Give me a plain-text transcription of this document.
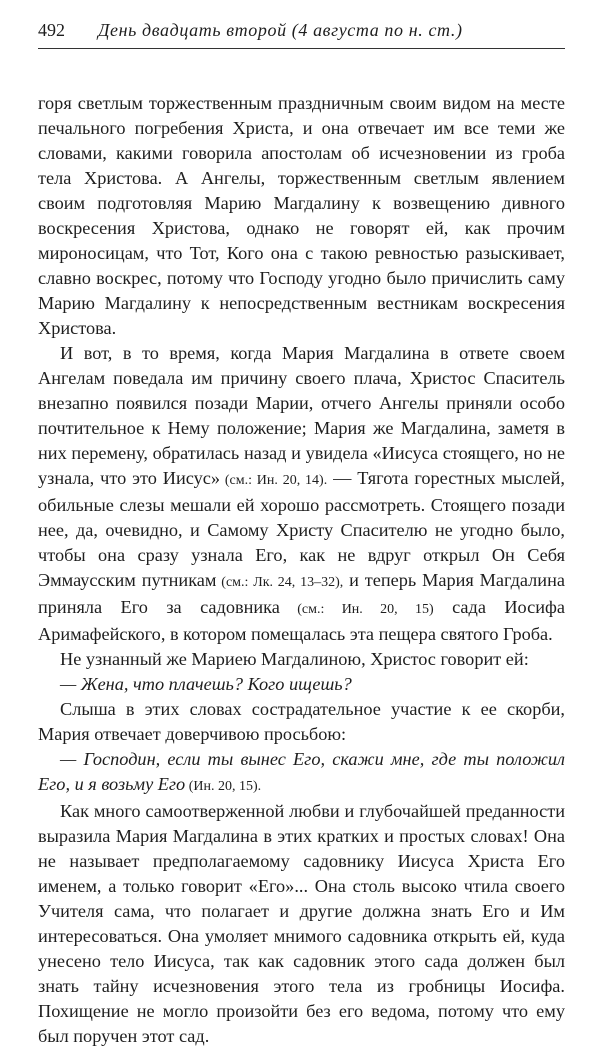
492	День двадцать второй (4 августа по н. ст.)

горя светлым торжественным праздничным своим видом на месте печального погребения Христа, и она отвечает им все теми же словами, какими говорила апостолам об исчезновении из гроба тела Христова. А Ангелы, торжественным светлым явлением своим подготовляя Марию Магдалину к возвещению дивного воскресения Христова, однако не говорят ей, как прочим мироносицам, что Тот, Кого она с такою ревностью разыскивает, славно воскрес, потому что Господу угодно было причислить саму Марию Магдалину к непосредственным вестникам воскресения Христова.

И вот, в то время, когда Мария Магдалина в ответе своем Ангелам поведала им причину своего плача, Христос Спаситель внезапно появился позади Марии, отчего Ангелы приняли особо почтительное к Нему положение; Мария же Магдалина, заметя в них перемену, обратилась назад и увидела «Иисуса стоящего, но не узнала, что это Иисус» (см.: Ин. 20, 14). — Тягота горестных мыслей, обильные слезы мешали ей хорошо рассмотреть. Стоящего позади нее, да, очевидно, и Самому Христу Спасителю не угодно было, чтобы она сразу узнала Его, как не вдруг открыл Он Себя Эммаусским путникам (см.: Лк. 24, 13–32), и теперь Мария Магдалина приняла Его за садовника (см.: Ин. 20, 15) сада Иосифа Аримафейского, в котором помещалась эта пещера святого Гроба.

Не узнанный же Мариею Магдалиною, Христос говорит ей:

— Жена, что плачешь? Кого ищешь?

Слыша в этих словах сострадательное участие к ее скорби, Мария отвечает доверчивою просьбою:

— Господин, если ты вынес Его, скажи мне, где ты положил Его, и я возьму Его (Ин. 20, 15).

Как много самоотверженной любви и глубочайшей преданности выразила Мария Магдалина в этих кратких и простых словах! Она не называет предполагаемому садовнику Иисуса Христа Его именем, а только говорит «Его»... Она столь высоко чтила своего Учителя сама, что полагает и другие должна знать Его и Им интересоваться. Она умоляет мнимого садовника открыть ей, куда унесено тело Иисуса, так как садовник этого сада должен был знать тайну исчезновения этого тела из гробницы Иосифа. Похищение не могло произойти без его ведома, потому что ему был поручен этот сад.
